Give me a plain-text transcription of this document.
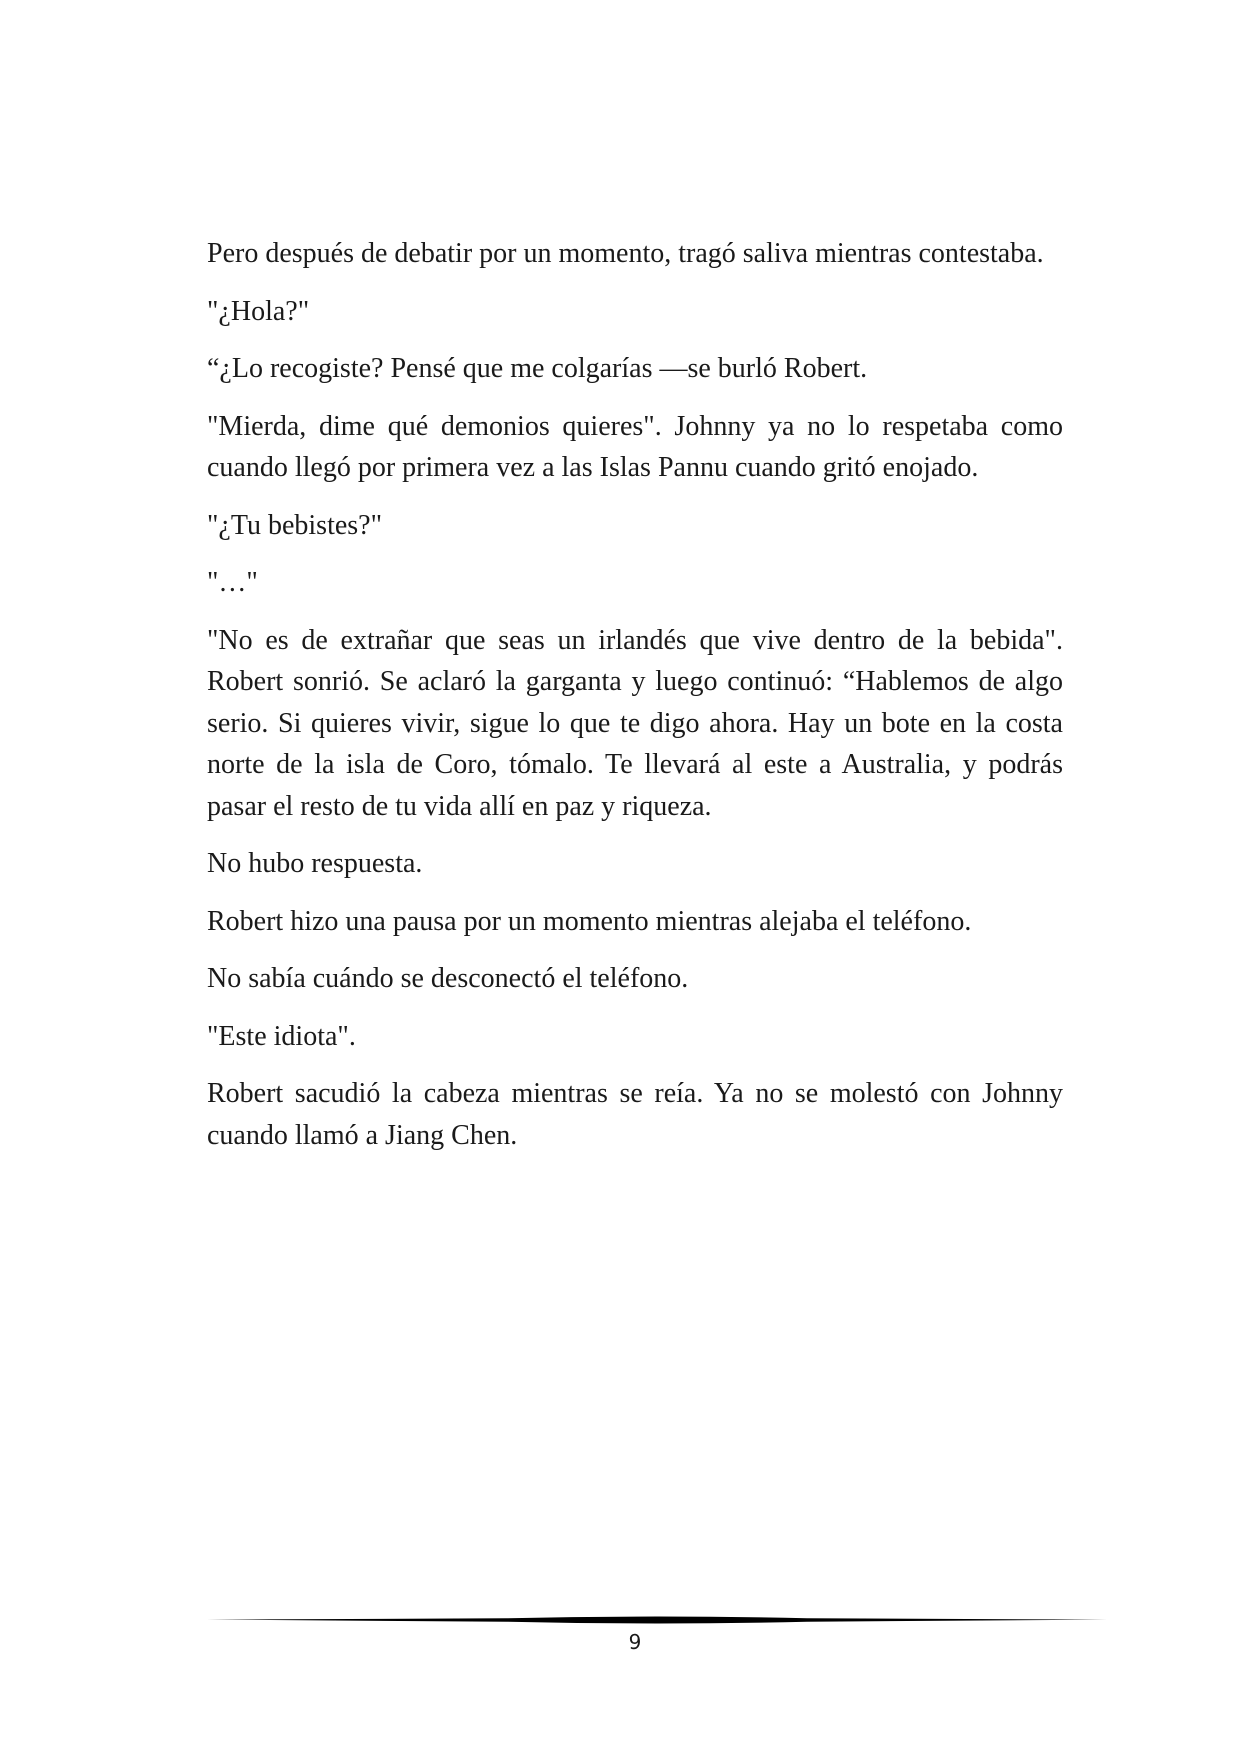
Pero después de debatir por un momento, tragó saliva mientras contestaba.

"¿Hola?"

“¿Lo recogiste? Pensé que me colgarías —se burló Robert.

"Mierda, dime qué demonios quieres". Johnny ya no lo respetaba como cuando llegó por primera vez a las Islas Pannu cuando gritó enojado.

"¿Tu bebistes?"

"…"

"No es de extrañar que seas un irlandés que vive dentro de la bebida". Robert sonrió. Se aclaró la garganta y luego continuó: “Hablemos de algo serio. Si quieres vivir, sigue lo que te digo ahora. Hay un bote en la costa norte de la isla de Coro, tómalo. Te llevará al este a Australia, y podrás pasar el resto de tu vida allí en paz y riqueza.

No hubo respuesta.

Robert hizo una pausa por un momento mientras alejaba el teléfono.

No sabía cuándo se desconectó el teléfono.

"Este idiota".

Robert sacudió la cabeza mientras se reía. Ya no se molestó con Johnny cuando llamó a Jiang Chen.

9
